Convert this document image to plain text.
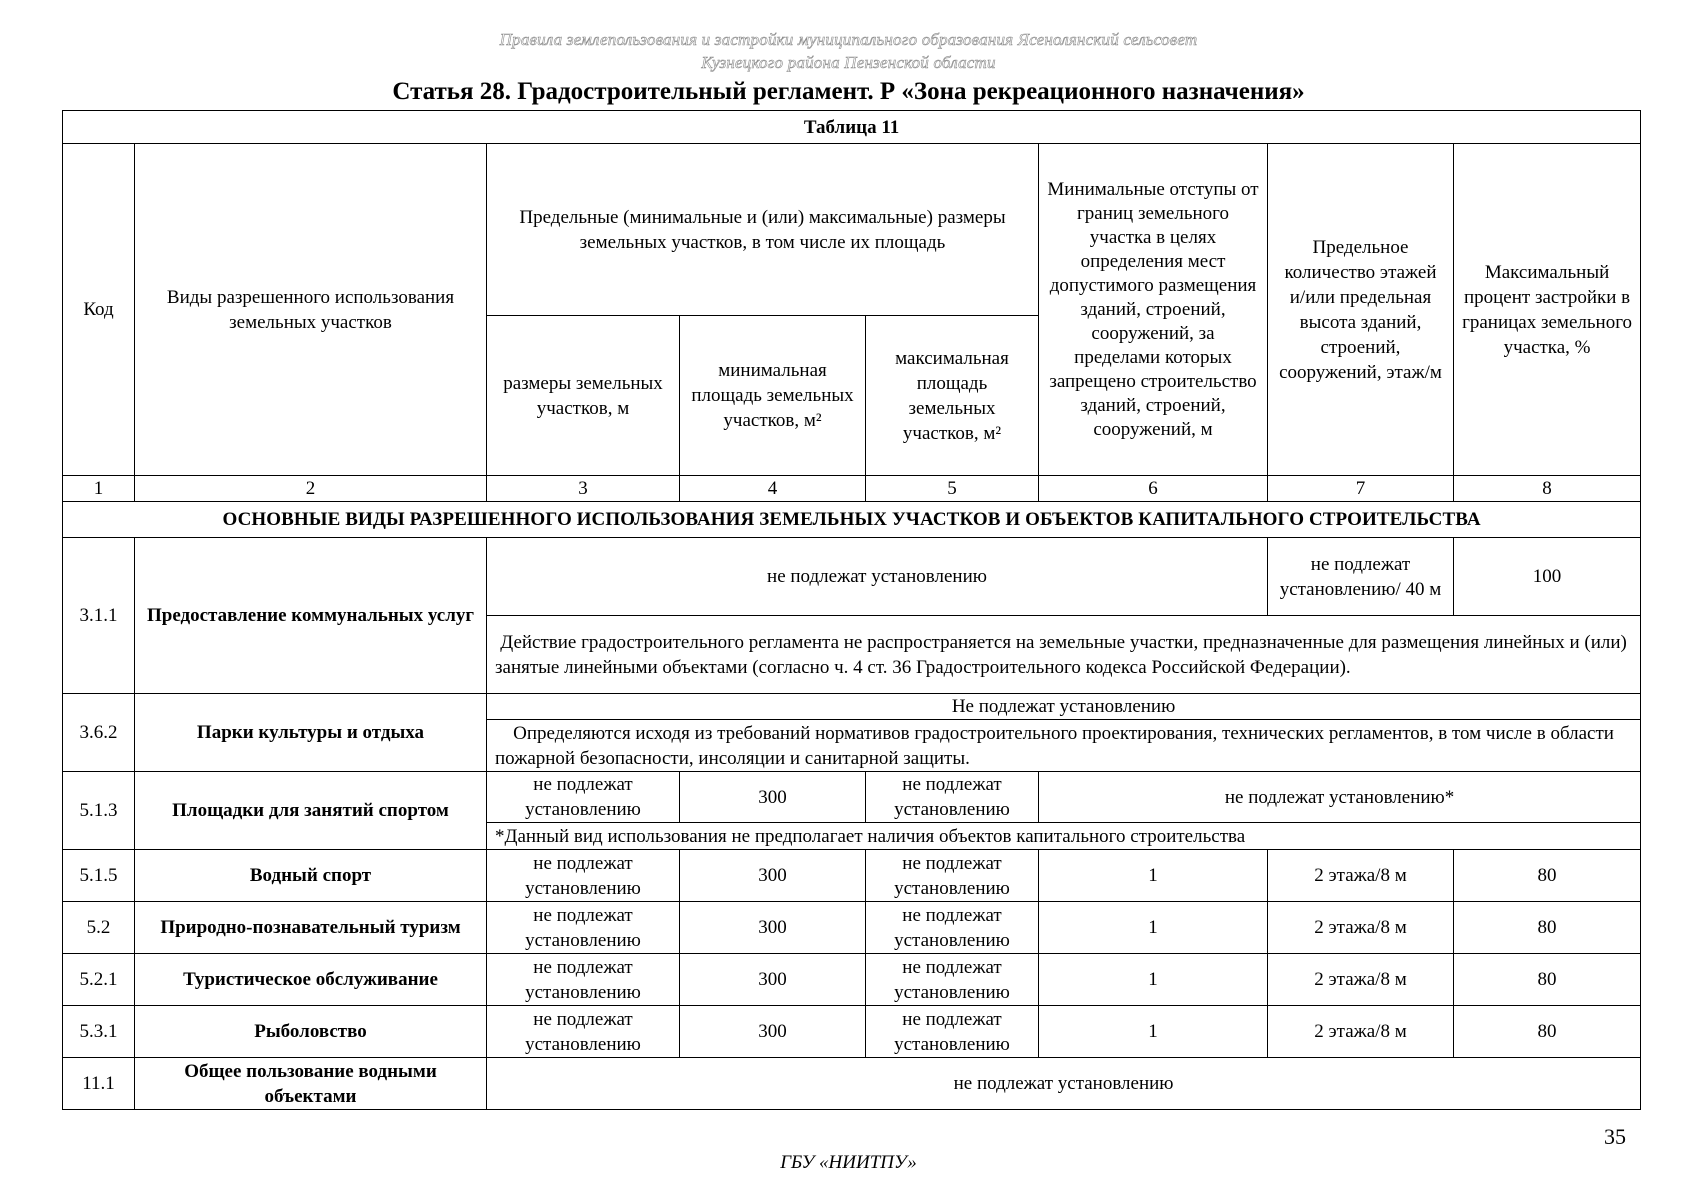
Правила землепользования и застройки муниципального образования Ясенолянский сельсовет
Кузнецкого района Пензенской области
Статья 28. Градостроительный регламент. Р «Зона рекреационного назначения»
Таблица 11							
Код	Виды разрешенного использования земельных участков	Предельные (минимальные и (или) максимальные) размеры земельных участков, в том числе их площадь			Минимальные отступы от границ земельного участка в целях определения мест допустимого размещения зданий, строений, сооружений, за пределами которых запрещено строительство зданий, строений, сооружений, м	Предельное количество этажей и/или предельная высота зданий, строений, сооружений, этаж/м	Максимальный процент застройки в границах земельного участка, %
		размеры земельных участков, м	минимальная площадь земельных участков, м²	максимальная площадь земельных участков, м²			
1	2	3	4	5	6	7	8
ОСНОВНЫЕ ВИДЫ РАЗРЕШЕННОГО ИСПОЛЬЗОВАНИЯ ЗЕМЕЛЬНЫХ УЧАСТКОВ И ОБЪЕКТОВ КАПИТАЛЬНОГО СТРОИТЕЛЬСТВА							
3.1.1	Предоставление коммунальных услуг	не подлежат установлению				не подлежат установлению/ 40 м	100
		Действие градостроительного регламента не распространяется на земельные участки, предназначенные для размещения линейных и (или) занятые линейными объектами (согласно ч. 4 ст. 36 Градостроительного кодекса Российской Федерации).					
3.6.2	Парки культуры и отдыха	Не подлежат установлению					
		Определяются исходя из требований нормативов градостроительного проектирования, технических регламентов, в том числе в области пожарной безопасности, инсоляции и санитарной защиты.					
5.1.3	Площадки для занятий спортом	не подлежат установлению	300	не подлежат установлению	не подлежат установлению*		
		*Данный вид использования не предполагает наличия объектов капитального строительства					
5.1.5	Водный спорт	не подлежат установлению	300	не подлежат установлению	1	2 этажа/8 м	80
5.2	Природно-познавательный туризм	не подлежат установлению	300	не подлежат установлению	1	2 этажа/8 м	80
5.2.1	Туристическое обслуживание	не подлежат установлению	300	не подлежат установлению	1	2 этажа/8 м	80
5.3.1	Рыболовство	не подлежат установлению	300	не подлежат установлению	1	2 этажа/8 м	80
11.1	Общее пользование водными объектами	не подлежат установлению					
35
ГБУ «НИИТПУ»
